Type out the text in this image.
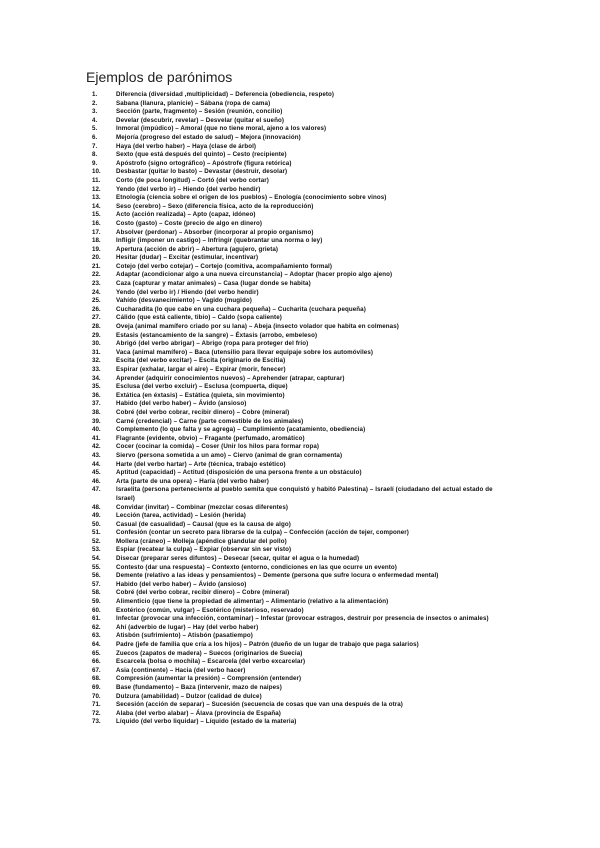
Ejemplos de parónimos
1.	Diferencia (diversidad ,multiplicidad) – Deferencia (obediencia, respeto)
2.	Sabana (llanura, planicie) – Sábana (ropa de cama)
3.	Sección (parte, fragmento) – Sesión (reunión, concilio)
4.	Develar (descubrir, revelar) – Desvelar (quitar el sueño)
5.	Inmoral (impúdico) – Amoral (que no tiene moral, ajeno a los valores)
6.	Mejoría (progreso del estado de salud) – Mejora (innovación)
7.	Haya (del verbo haber) – Haya (clase de árbol)
8.	Sexto (que está después del quinto) – Cesto (recipiente)
9.	Apóstrofo (signo ortográfico) – Apóstrofe (figura retórica)
10.	Desbastar (quitar lo basto) – Devastar (destruir, desolar)
11.	Corto (de poca longitud) – Cortó (del verbo cortar)
12.	Yendo (del verbo ir) – Hiendo (del verbo hendir)
13.	Etnología (ciencia sobre el origen de los pueblos) – Enología (conocimiento sobre vinos)
14.	Seso (cerebro) – Sexo (diferencia física, acto de la reproducción)
15.	Acto (acción realizada) – Apto (capaz, idóneo)
16.	Costo (gasto) – Coste (precio de algo en dinero)
17.	Absolver (perdonar) – Absorber (incorporar al propio organismo)
18.	Infligir (imponer un castigo) – Infringir (quebrantar una norma o ley)
19.	Apertura (acción de abrir) – Abertura (agujero, grieta)
20.	Hesitar (dudar) – Excitar (estimular, incentivar)
21.	Cotejo (del verbo cotejar) – Cortejo (comitiva, acompañamiento formal)
22.	Adaptar (acondicionar algo a una nueva circunstancia) – Adoptar (hacer propio algo ajeno)
23.	Caza (capturar y matar animales) – Casa (lugar donde se habita)
24.	Yendo (del verbo ir) / Hiendo (del verbo hendir)
25.	Vahído (desvanecimiento) – Vagido (mugido)
26.	Cucharadita (lo que cabe en una cuchara pequeña) – Cucharita (cuchara pequeña)
27.	Cálido (que está caliente, tibio) – Caldo (sopa caliente)
28.	Oveja (animal mamífero criado por su lana) – Abeja (insecto volador que habita en colmenas)
29.	Estasis (estancamiento de la sangre) – Éxtasis (arrobo, embeleso)
30.	Abrigó (del verbo abrigar) – Abrigo (ropa para proteger del frío)
31.	Vaca (animal mamífero) – Baca (utensilio para llevar equipaje sobre los automóviles)
32.	Escita (del verbo excitar) – Escita (originario de Escitia)
33.	Espirar (exhalar, largar el aire) – Expirar (morir, fenecer)
34.	Aprender (adquirir conocimientos nuevos) – Aprehender (atrapar, capturar)
35.	Esclusa (del verbo excluir) – Esclusa (compuerta, dique)
36.	Extática (en éxtasis) – Estática (quieta, sin movimiento)
37.	Habido (del verbo haber) – Ávido (ansioso)
38.	Cobré (del verbo cobrar, recibir dinero) – Cobre (mineral)
39.	Carné (credencial) – Carne (parte comestible de los animales)
40.	Complemento (lo que falta y se agrega) – Cumplimiento (acatamiento, obediencia)
41.	Flagrante (evidente, obvio) – Fragante (perfumado, aromático)
42.	Cocer (cocinar la comida) – Coser (Unir los hilos para formar ropa)
43.	Siervo (persona sometida a un amo) – Ciervo (animal de gran cornamenta)
44.	Harte (del verbo hartar) – Arte (técnica, trabajo estético)
45.	Aptitud (capacidad) – Actitud (disposición de una persona frente a un obstáculo)
46.	Arta (parte de una opera) – Haría (del verbo haber)
47.	Israelita (persona perteneciente al pueblo semita que conquistó y habitó Palestina) – Israelí (ciudadano del actual estado de Israel)
48.	Convidar (invitar) – Combinar (mezclar cosas diferentes)
49.	Lección (tarea, actividad) – Lesión (herida)
50.	Casual (de casualidad) – Causal (que es la causa de algo)
51.	Confesión (contar un secreto para librarse de la culpa) – Confección (acción de tejer, componer)
52.	Mollera (cráneo) – Molleja (apéndice glandular del pollo)
53.	Espiar (recatear la culpa) – Expiar (observar sin ser visto)
54.	Disecar (preparar seres difuntos) – Desecar (secar, quitar el agua o la humedad)
55.	Contesto (dar una respuesta) – Contexto (entorno, condiciones en las que ocurre un evento)
56.	Demente (relativo a las ideas y pensamientos) – Demente (persona que sufre locura o enfermedad mental)
57.	Habido (del verbo haber) – Ávido (ansioso)
58.	Cobré (del verbo cobrar, recibir dinero) – Cobre (mineral)
59.	Alimenticio (que tiene la propiedad de alimentar) – Alimentario (relativo a la alimentación)
60.	Exotérico (común, vulgar) – Esotérico (misterioso, reservado)
61.	Infectar (provocar una infección, contaminar) – Infestar (provocar estragos, destruir por presencia de insectos o animales)
62.	Ahí (adverbio de lugar) – Hay (del verbo haber)
63.	Atisbón (sufrimiento) – Atisbón (pasatiempo)
64.	Padre (jefe de familia que cría a los hijos) – Patrón (dueño de un lugar de trabajo que paga salarios)
65.	Zuecos (zapatos de madera) – Suecos (originarios de Suecia)
66.	Escarcela (bolsa o mochila) – Escarcela (del verbo excarcelar)
67.	Asia (continente) – Hacia (del verbo hacer)
68.	Compresión (aumentar la presión) – Comprensión (entender)
69.	Base (fundamento) – Baza (intervenir, mazo de naipes)
70.	Dulzura (amabilidad) – Dulzor (calidad de dulce)
71.	Secesión (acción de separar) – Sucesión (secuencia de cosas que van una después de la otra)
72.	Alaba (del verbo alabar) – Álava (provincia de España)
73.	Líquido (del verbo liquidar) – Líquido (estado de la materia)
